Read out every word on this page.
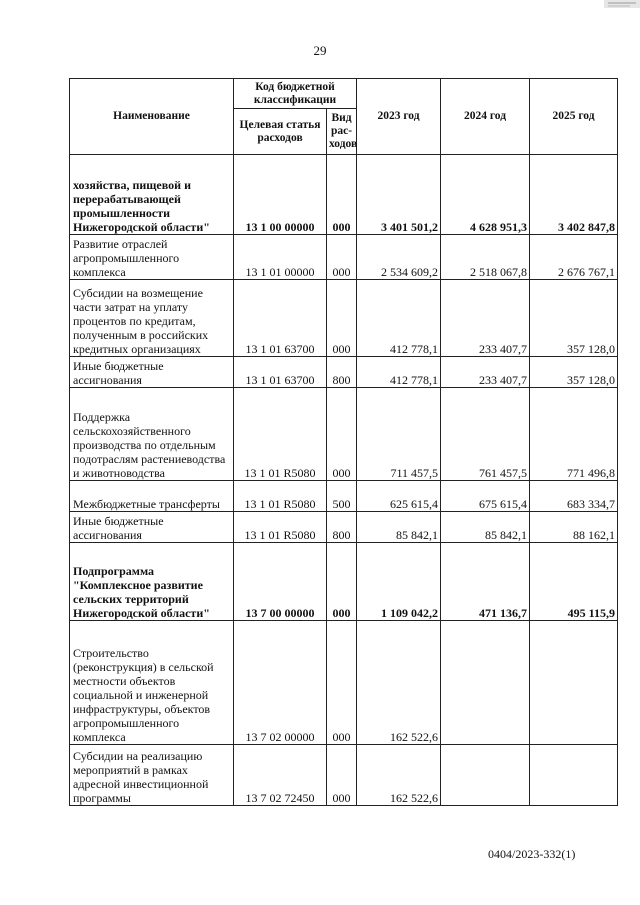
29
Наименование	Код бюджетной классификации		2023 год	2024 год	2025 год
	Целевая статья расходов	Вид рас-ходов			
хозяйства, пищевой и перерабатывающей промышленности Нижегородской области"	13 1 00 00000	000	3 401 501,2	4 628 951,3	3 402 847,8
Развитие отраслей агропромышленного комплекса	13 1 01 00000	000	2 534 609,2	2 518 067,8	2 676 767,1
Субсидии на возмещение части затрат на уплату процентов по кредитам, полученным в российских кредитных организациях	13 1 01 63700	000	412 778,1	233 407,7	357 128,0
Иные бюджетные ассигнования	13 1 01 63700	800	412 778,1	233 407,7	357 128,0
Поддержка сельскохозяйственного производства по отдельным подотраслям растениеводства и животноводства	13 1 01 R5080	000	711 457,5	761 457,5	771 496,8
Межбюджетные трансферты	13 1 01 R5080	500	625 615,4	675 615,4	683 334,7
Иные бюджетные ассигнования	13 1 01 R5080	800	85 842,1	85 842,1	88 162,1
Подпрограмма "Комплексное развитие сельских территорий Нижегородской области"	13 7 00 00000	000	1 109 042,2	471 136,7	495 115,9
Строительство (реконструкция) в сельской местности объектов социальной и инженерной инфраструктуры, объектов агропромышленного комплекса	13 7 02 00000	000	162 522,6		
Субсидии на реализацию мероприятий в рамках адресной инвестиционной программы	13 7 02 72450	000	162 522,6		
0404/2023-332(1)
